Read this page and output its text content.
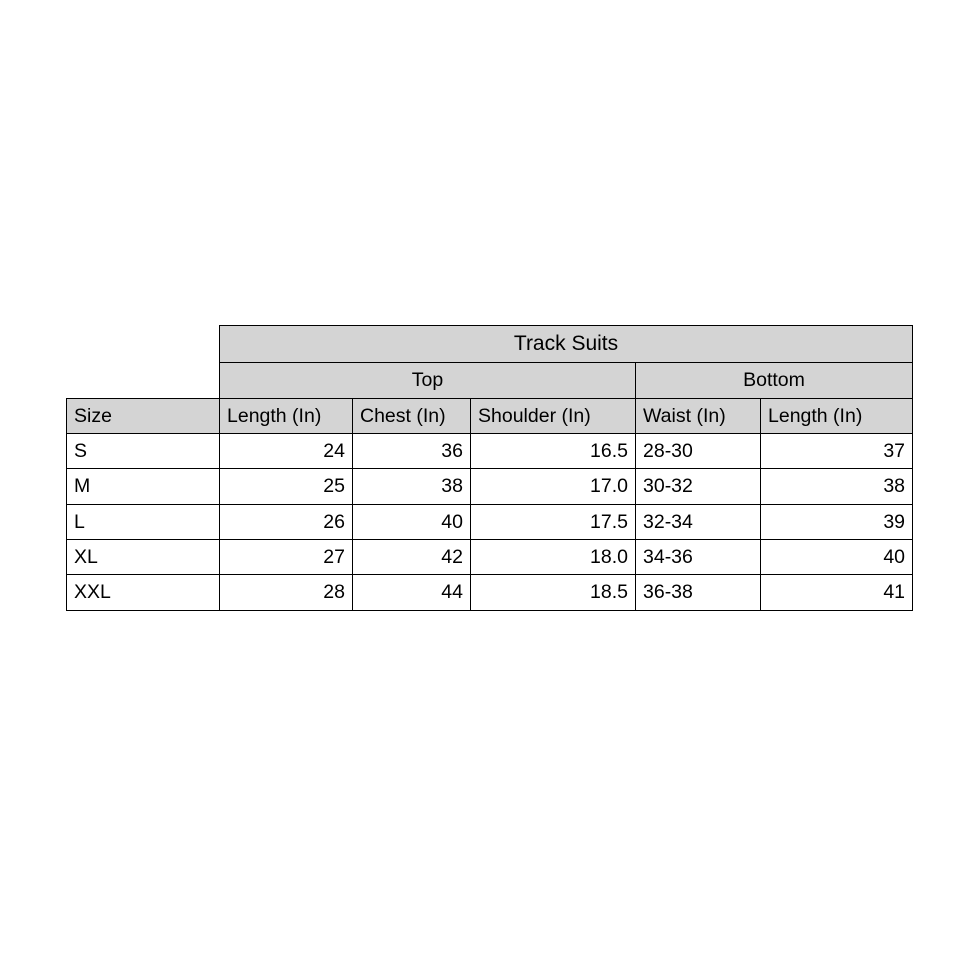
	Track Suits				
	Top			Bottom	
Size	Length (In)	Chest (In)	Shoulder (In)	Waist (In)	Length (In)
S	24	36	16.5	28-30	37
M	25	38	17.0	30-32	38
L	26	40	17.5	32-34	39
XL	27	42	18.0	34-36	40
XXL	28	44	18.5	36-38	41
